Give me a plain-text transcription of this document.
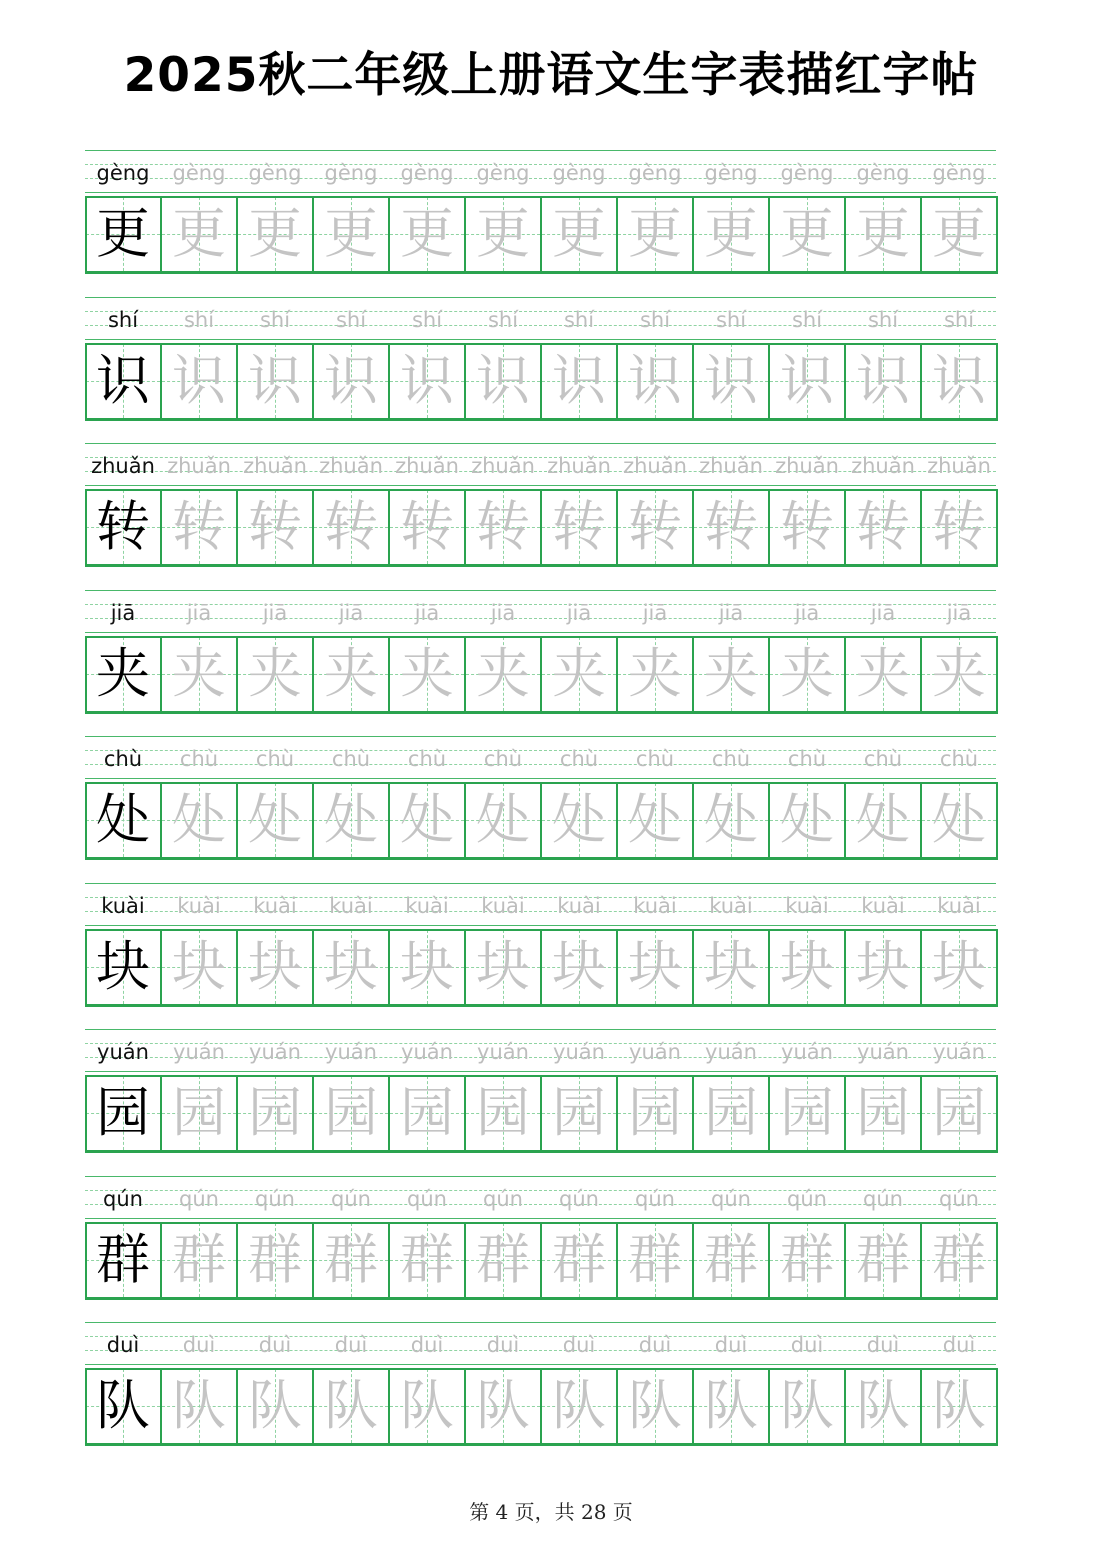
2025秋二年级上册语文生字表描红字帖
gèng	gèng	gèng	gèng	gèng	gèng	gèng	gèng	gèng	gèng	gèng	gèng
更 更 更 更 更 更 更 更 更 更 更 更
shí	shí	shí	shí	shí	shí	shí	shí	shí	shí	shí	shí
识 识 识 识 识 识 识 识 识 识 识 识
zhuǎn zhuǎn zhuǎn zhuǎn zhuǎn zhuǎn zhuǎn zhuǎn zhuǎn zhuǎn zhuǎn zhuǎn
转 转 转 转 转 转 转 转 转 转 转 转
jiā	jiā	jiā	jiā	jiā	jiā	jiā	jiā	jiā	jiā	jiā	jiā
夹 夹 夹 夹 夹 夹 夹 夹 夹 夹 夹 夹
chù	chù	chù	chù	chù	chù	chù	chù	chù	chù	chù	chù
处 处 处 处 处 处 处 处 处 处 处 处
kuài	kuài	kuài	kuài	kuài	kuài	kuài	kuài	kuài	kuài	kuài	kuài
块 块 块 块 块 块 块 块 块 块 块 块
yuán	yuán	yuán	yuán	yuán	yuán	yuán	yuán	yuán	yuán	yuán	yuán
园 园 园 园 园 园 园 园 园 园 园 园
qún	qún	qún	qún	qún	qún	qún	qún	qún	qún	qún	qún
群 群 群 群 群 群 群 群 群 群 群 群
duì	duì	duì	duì	duì	duì	duì	duì	duì	duì	duì	duì
队 队 队 队 队 队 队 队 队 队 队 队
第 4 页，共 28 页
